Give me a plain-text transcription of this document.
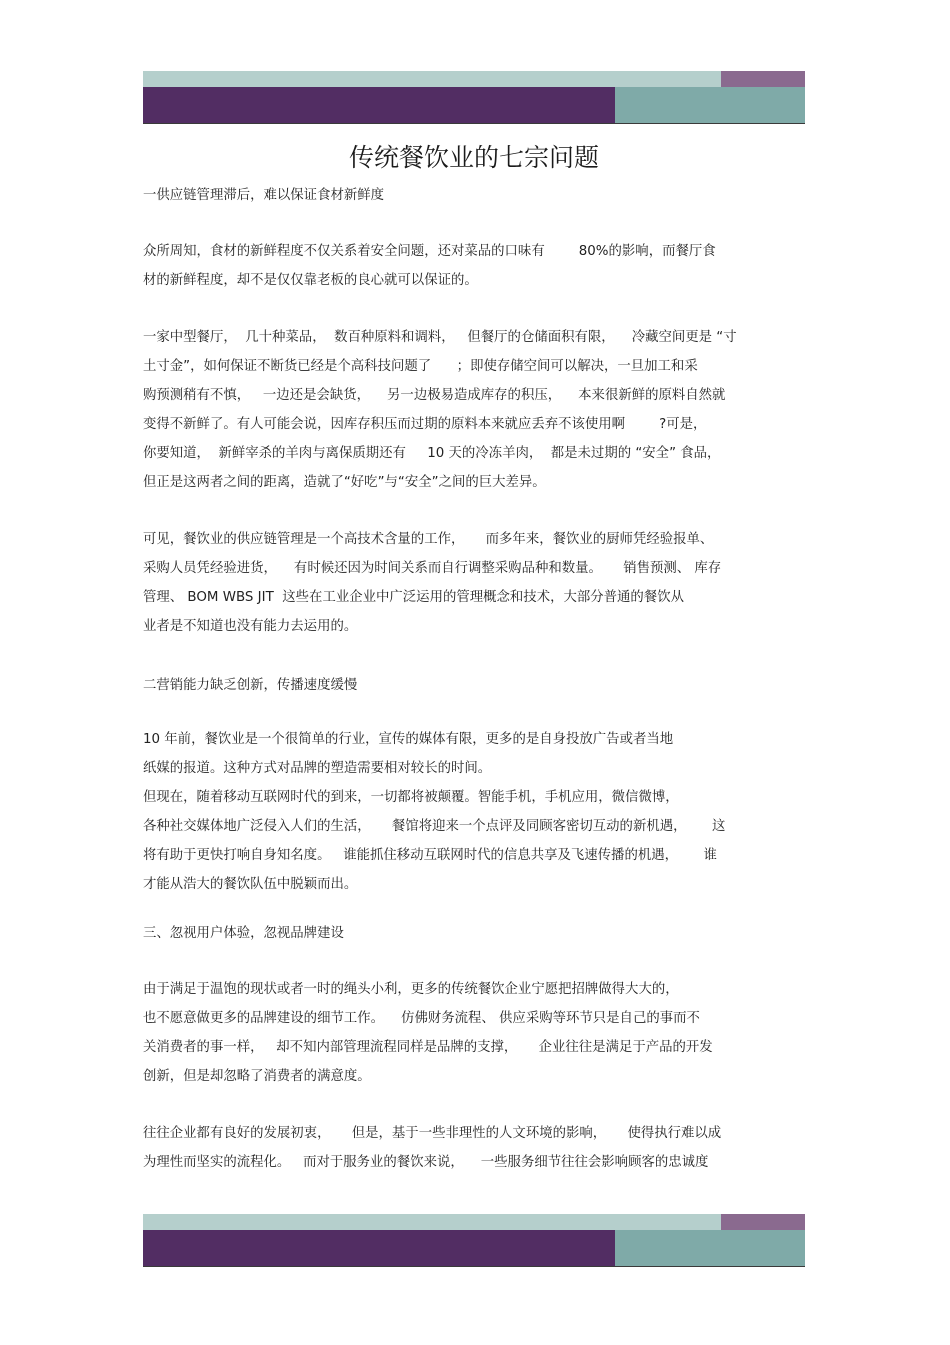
传统餐饮业的七宗问题

一供应链管理滞后，难以保证食材新鲜度

众所周知，食材的新鲜程度不仅关系着安全问题，还对菜品的口味有        80%的影响，而餐厅食
材的新鲜程度，却不是仅仅靠老板的良心就可以保证的。

一家中型餐厅，  几十种菜品，  数百种原料和调料，   但餐厅的仓储面积有限，    冷藏空间更是 “寸
土寸金”，如何保证不断货已经是个高科技问题了      ；即使存储空间可以解决，一旦加工和采
购预测稍有不慎，   一边还是会缺货，    另一边极易造成库存的积压，    本来很新鲜的原料自然就
变得不新鲜了。有人可能会说，因库存积压而过期的原料本来就应丢弃不该使用啊        ?可是，
你要知道，  新鲜宰杀的羊肉与离保质期还有     10 天的冷冻羊肉，  都是未过期的 “安全” 食品，
但正是这两者之间的距离，造就了“好吃”与“安全”之间的巨大差异。

可见，餐饮业的供应链管理是一个高技术含量的工作，     而多年来，餐饮业的厨师凭经验报单、
采购人员凭经验进货，    有时候还因为时间关系而自行调整采购品种和数量。     销售预测、 库存
管理、 BOM WBS JIT  这些在工业企业中广泛运用的管理概念和技术，大部分普通的餐饮从
业者是不知道也没有能力去运用的。

二营销能力缺乏创新，传播速度缓慢

10 年前，餐饮业是一个很简单的行业，宣传的媒体有限，更多的是自身投放广告或者当地
纸媒的报道。这种方式对品牌的塑造需要相对较长的时间。
但现在，随着移动互联网时代的到来，一切都将被颠覆。智能手机，手机应用，微信微博，
各种社交媒体地广泛侵入人们的生活，     餐馆将迎来一个点评及同顾客密切互动的新机遇，      这
将有助于更快打响自身知名度。   谁能抓住移动互联网时代的信息共享及飞速传播的机遇，      谁
才能从浩大的餐饮队伍中脱颖而出。

三、忽视用户体验，忽视品牌建设

由于满足于温饱的现状或者一时的绳头小利，更多的传统餐饮企业宁愿把招牌做得大大的，
也不愿意做更多的品牌建设的细节工作。    仿佛财务流程、 供应采购等环节只是自己的事而不
关消费者的事一样，   却不知内部管理流程同样是品牌的支撑，     企业往往是满足于产品的开发
创新，但是却忽略了消费者的满意度。

往往企业都有良好的发展初衷，     但是，基于一些非理性的人文环境的影响，     使得执行难以成
为理性而坚实的流程化。   而对于服务业的餐饮来说，    一些服务细节往往会影响顾客的忠诚度
